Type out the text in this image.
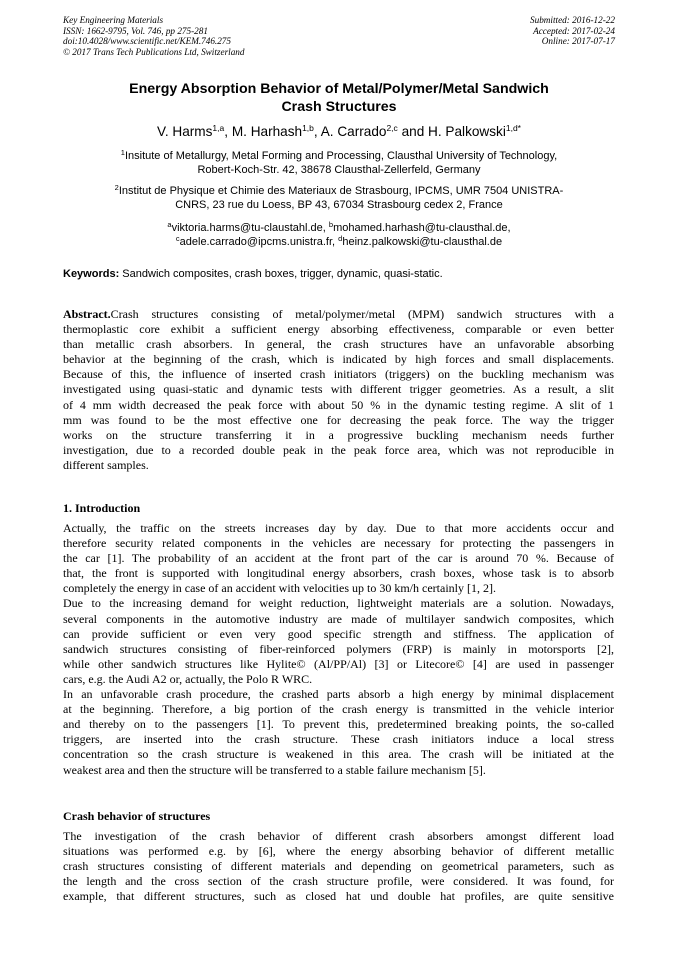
Key Engineering Materials
ISSN: 1662-9795, Vol. 746, pp 275-281
doi:10.4028/www.scientific.net/KEM.746.275
© 2017 Trans Tech Publications Ltd, Switzerland
Submitted: 2016-12-22
Accepted: 2017-02-24
Online: 2017-07-17
Energy Absorption Behavior of Metal/Polymer/Metal Sandwich
Crash Structures
V. Harms$^{1,a}$, M. Harhash$^{1,b}$, A. Carrado$^{2,c}$ and H. Palkowski$^{1,d*}$
$^1$Insitute of Metallurgy, Metal Forming and Processing, Clausthal University of Technology,
Robert-Koch-Str. 42, 38678 Clausthal-Zellerfeld, Germany
$^2$Institut de Physique et Chimie des Materiaux de Strasbourg, IPCMS, UMR 7504 UNISTRA-
CNRS, 23 rue du Loess, BP 43, 67034 Strasbourg cedex 2, France
$^a$viktoria.harms@tu-claustahl.de, $^b$mohamed.harhash@tu-clausthal.de,
$^c$adele.carrado@ipcms.unistra.fr, $^d$heinz.palkowski@tu-clausthal.de
Keywords: Sandwich composites, crash boxes, trigger, dynamic, quasi-static.
Abstract.Crash structures consisting of metal/polymer/metal (MPM) sandwich structures with a
thermoplastic core exhibit a sufficient energy absorbing effectiveness, comparable or even better
than metallic crash absorbers. In general, the crash structures have an unfavorable absorbing
behavior at the beginning of the crash, which is indicated by high forces and small displacements.
Because of this, the influence of inserted crash initiators (triggers) on the buckling mechanism was
investigated using quasi-static and dynamic tests with different trigger geometries. As a result, a slit
of 4 mm width decreased the peak force with about 50 % in the dynamic testing regime. A slit of 1
mm was found to be the most effective one for decreasing the peak force. The way the trigger
works on the structure transferring it in a progressive buckling mechanism needs further
investigation, due to a recorded double peak in the peak force area, which was not reproducible in
different samples.
1. Introduction
Actually, the traffic on the streets increases day by day. Due to that more accidents occur and
therefore security related components in the vehicles are necessary for protecting the passengers in
the car [1]. The probability of an accident at the front part of the car is around 70 %. Because of
that, the front is supported with longitudinal energy absorbers, crash boxes, whose task is to absorb
completely the energy in case of an accident with velocities up to 30 km/h certainly [1, 2].
Due to the increasing demand for weight reduction, lightweight materials are a solution. Nowadays,
several components in the automotive industry are made of multilayer sandwich composites, which
can provide sufficient or even very good specific strength and stiffness. The application of
sandwich structures consisting of fiber-reinforced polymers (FRP) is mainly in motorsports [2],
while other sandwich structures like Hylite© (Al/PP/Al) [3] or Litecore© [4] are used in passenger
cars, e.g. the Audi A2 or, actually, the Polo R WRC.
In an unfavorable crash procedure, the crashed parts absorb a high energy by minimal displacement
at the beginning. Therefore, a big portion of the crash energy is transmitted in the vehicle interior
and thereby on to the passengers [1]. To prevent this, predetermined breaking points, the so-called
triggers, are inserted into the crash structure. These crash initiators induce a local stress
concentration so the crash structure is weakened in this area. The crash will be initiated at the
weakest area and then the structure will be transferred to a stable failure mechanism [5].
Crash behavior of structures
The investigation of the crash behavior of different crash absorbers amongst different load
situations was performed e.g. by [6], where the energy absorbing behavior of different metallic
crash structures consisting of different materials and depending on geometrical parameters, such as
the length and the cross section of the crash structure profile, were considered. It was found, for
example, that different structures, such as closed hat und double hat profiles, are quite sensitive
